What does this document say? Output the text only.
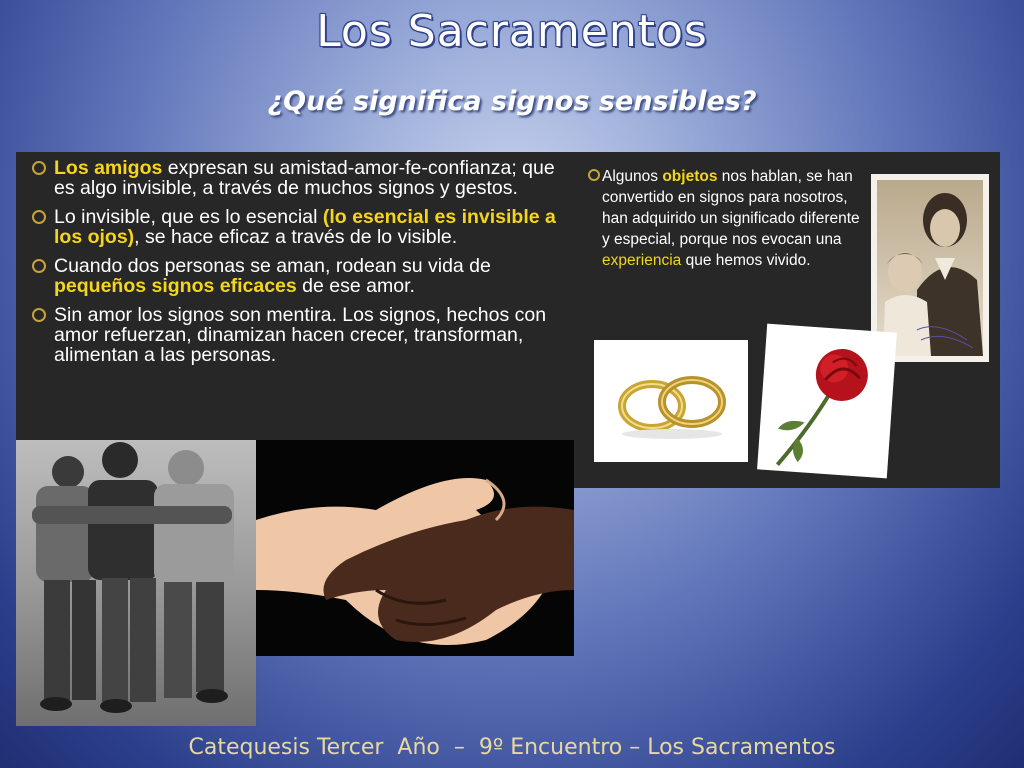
Los Sacramentos
¿Qué significa signos sensibles?
Los amigos expresan su amistad-amor-fe-confianza; que es algo invisible, a través de muchos signos y gestos.
Lo invisible, que es lo esencial (lo esencial es invisible a los ojos), se hace eficaz a través de lo visible.
Cuando dos personas se aman, rodean su vida de pequeños signos eficaces de ese amor.
Sin amor los signos son mentira. Los signos, hechos con amor refuerzan, dinamizan hacen crecer, transforman, alimentan a las personas.
Algunos objetos nos hablan, se han convertido en signos para nosotros, han adquirido un significado diferente y especial, porque nos evocan una experiencia que hemos vivido.
Catequesis Tercer  Año  –  9º Encuentro – Los Sacramentos
